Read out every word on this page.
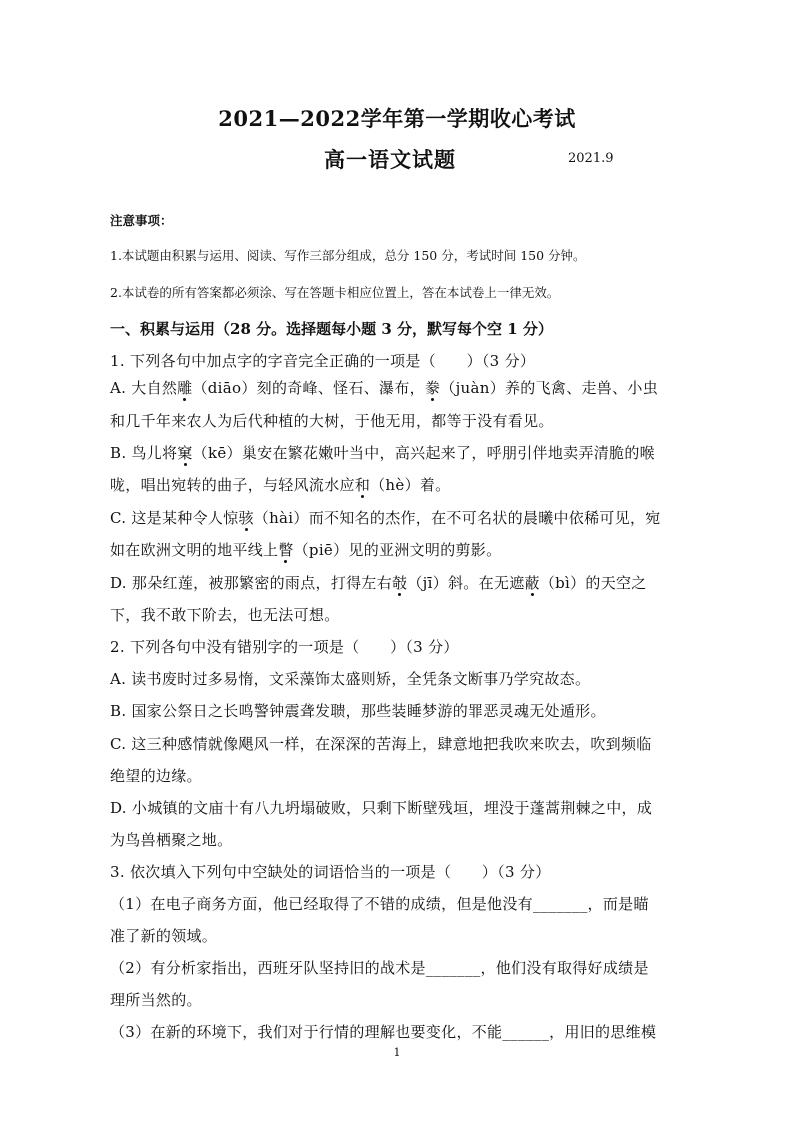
2021—2022学年第一学期收心考试
高一语文试题	2021.9
注意事项：
1.本试题由积累与运用、阅读、写作三部分组成，总分 150 分，考试时间 150 分钟。
2.本试卷的所有答案都必须涂、写在答题卡相应位置上，答在本试卷上一律无效。
一、积累与运用（28 分。选择题每小题 3 分，默写每个空 1 分）
1. 下列各句中加点字的字音完全正确的一项是（　　）（3 分）
A. 大自然雕（diāo）刻的奇峰、怪石、瀑布，豢（juàn）养的飞禽、走兽、小虫
和几千年来农人为后代种植的大树，于他无用，都等于没有看见。
B. 鸟儿将窠（kē）巢安在繁花嫩叶当中，高兴起来了，呼朋引伴地卖弄清脆的喉
咙，唱出宛转的曲子，与轻风流水应和（hè）着。
C. 这是某种令人惊骇（hài）而不知名的杰作，在不可名状的晨曦中依稀可见，宛
如在欧洲文明的地平线上瞥（piē）见的亚洲文明的剪影。
D. 那朵红莲，被那繁密的雨点，打得左右攲（jī）斜。在无遮蔽（bì）的天空之
下，我不敢下阶去，也无法可想。
2. 下列各句中没有错别字的一项是（　　）（3 分）
A. 读书废时过多易惰，文采藻饰太盛则矫，全凭条文断事乃学究故态。
B. 国家公祭日之长鸣警钟震聋发聩，那些装睡梦游的罪恶灵魂无处遁形。
C. 这三种感情就像飓风一样，在深深的苦海上，肆意地把我吹来吹去，吹到频临
绝望的边缘。
D. 小城镇的文庙十有八九坍塌破败，只剩下断壁残垣，埋没于蓬蒿荆棘之中，成
为鸟兽栖聚之地。
3. 依次填入下列句中空缺处的词语恰当的一项是（　　）（3 分）
（1）在电子商务方面，他已经取得了不错的成绩，但是他没有_______，而是瞄
准了新的领域。
（2）有分析家指出，西班牙队坚持旧的战术是_______，他们没有取得好成绩是
理所当然的。
（3）在新的环境下，我们对于行情的理解也要变化，不能______，用旧的思维模
1
